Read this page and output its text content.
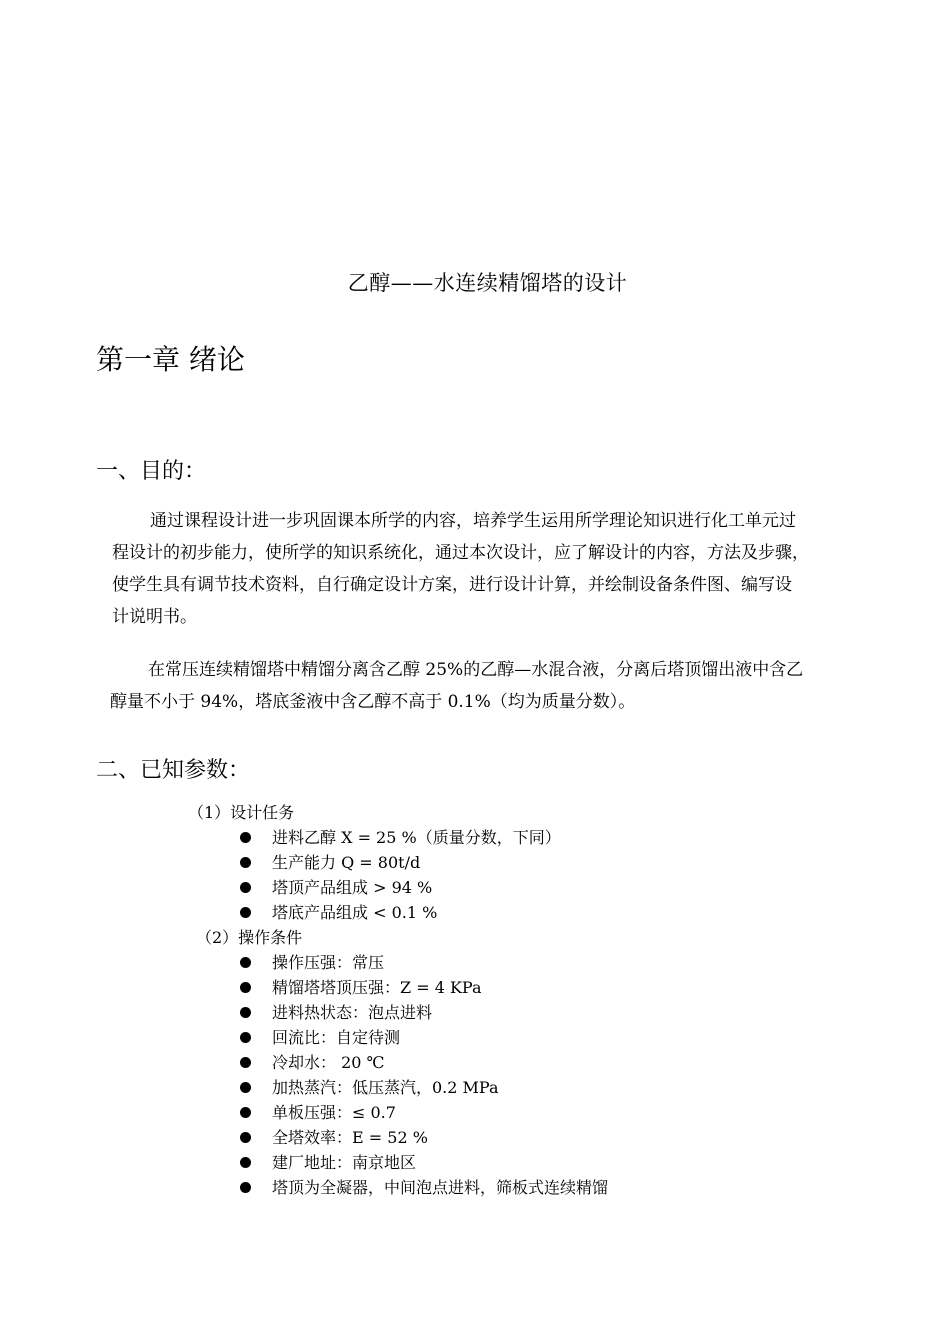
乙醇——水连续精馏塔的设计
第一章 绪论
一、目的：
通过课程设计进一步巩固课本所学的内容，培养学生运用所学理论知识进行化工单元过
程设计的初步能力，使所学的知识系统化，通过本次设计，应了解设计的内容，方法及步骤，
使学生具有调节技术资料，自行确定设计方案，进行设计计算，并绘制设备条件图、编写设
计说明书。
在常压连续精馏塔中精馏分离含乙醇 25%的乙醇—水混合液，分离后塔顶馏出液中含乙
醇量不小于 94%，塔底釜液中含乙醇不高于 0.1%（均为质量分数）。
二、已知参数：
（1）设计任务
进料乙醇 X = 25 %（质量分数，下同）
生产能力 Q = 80t/d
塔顶产品组成 > 94 %
塔底产品组成 < 0.1 %
（2）操作条件
操作压强：常压
精馏塔塔顶压强：Z = 4 KPa
进料热状态：泡点进料
回流比：自定待测
冷却水： 20 ℃
加热蒸汽：低压蒸汽，0.2 MPa
单板压强：≤ 0.7
全塔效率：E = 52 %
建厂地址：南京地区
塔顶为全凝器，中间泡点进料，筛板式连续精馏
